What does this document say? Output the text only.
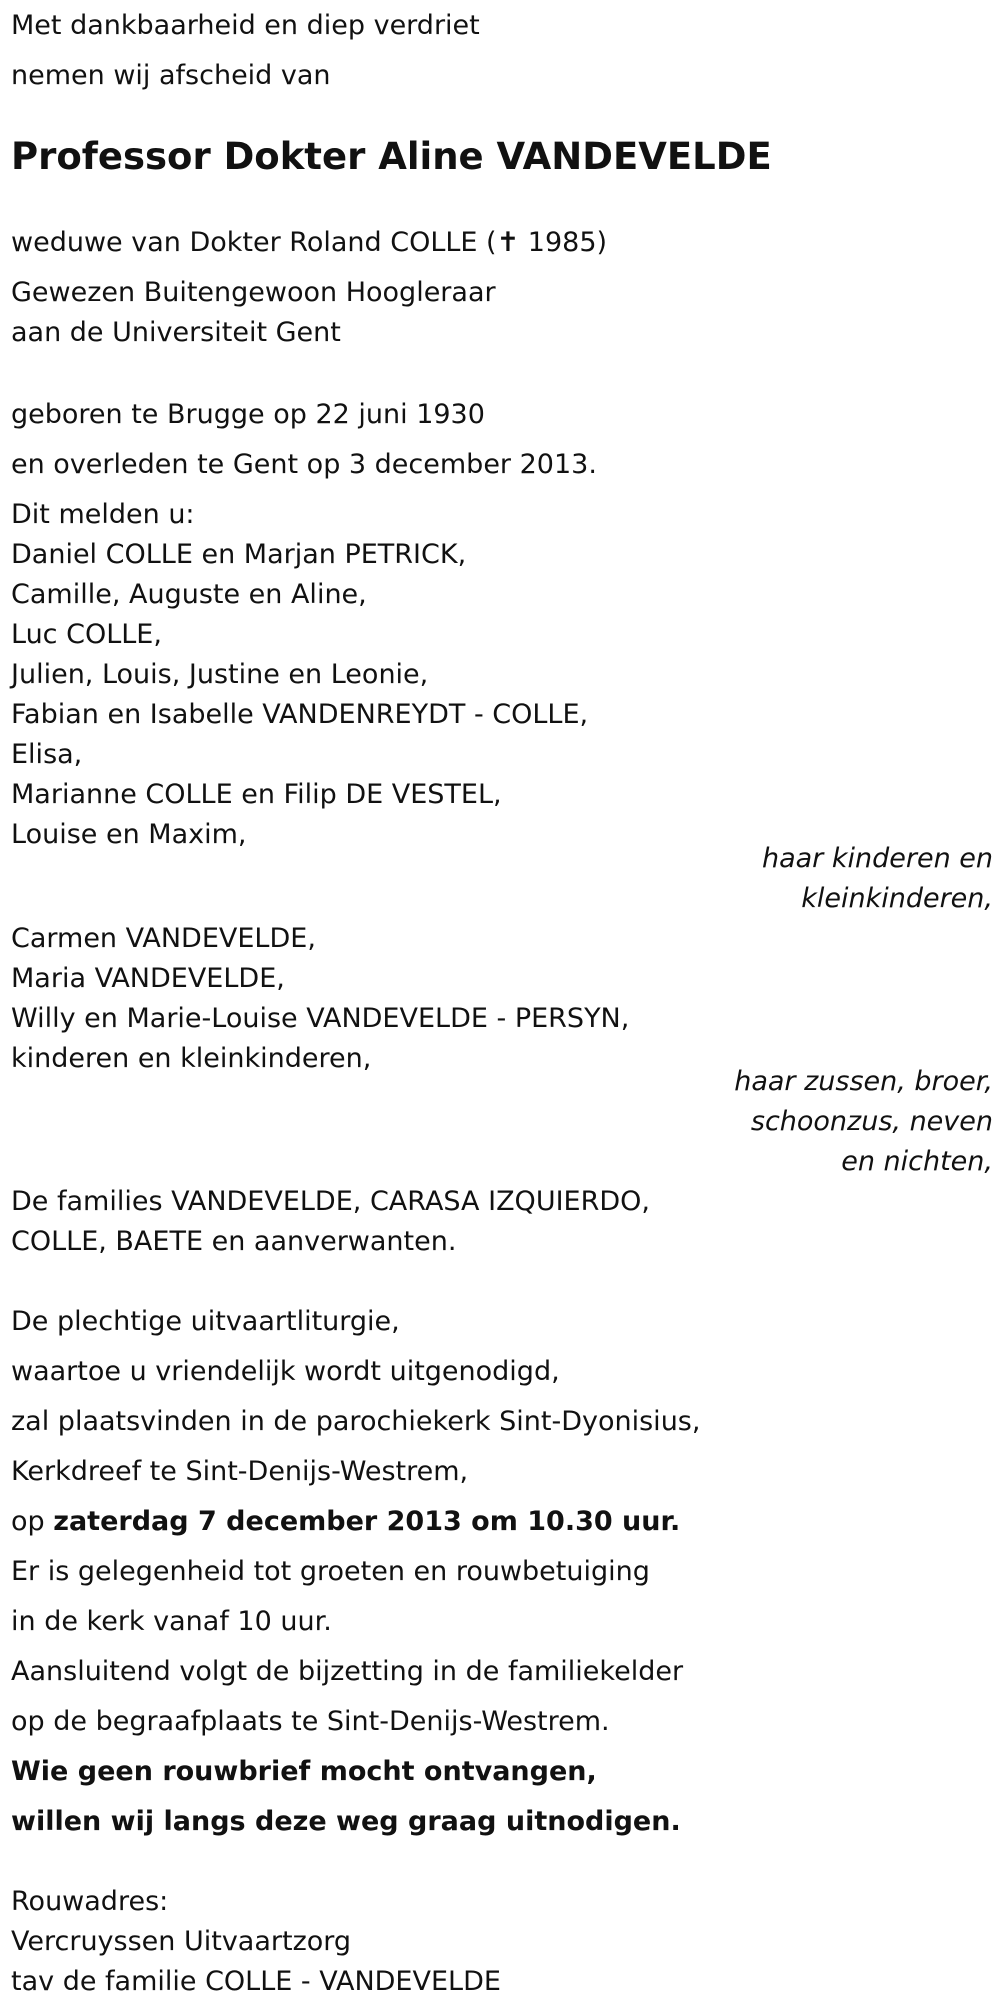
Met dankbaarheid en diep verdriet
nemen wij afscheid van
Professor Dokter Aline VANDEVELDE
weduwe van Dokter Roland COLLE (✝ 1985)
Gewezen Buitengewoon Hoogleraar
aan de Universiteit Gent
geboren te Brugge op 22 juni 1930
en overleden te Gent op 3 december 2013.
Dit melden u:
Daniel COLLE en Marjan PETRICK,
Camille, Auguste en Aline,
Luc COLLE,
Julien, Louis, Justine en Leonie,
Fabian en Isabelle VANDENREYDT - COLLE,
Elisa,
Marianne COLLE en Filip DE VESTEL,
Louise en Maxim,
haar kinderen en
kleinkinderen,
Carmen VANDEVELDE,
Maria VANDEVELDE,
Willy en Marie-Louise VANDEVELDE - PERSYN,
kinderen en kleinkinderen,
haar zussen, broer,
schoonzus, neven
en nichten,
De families VANDEVELDE, CARASA IZQUIERDO,
COLLE, BAETE en aanverwanten.
De plechtige uitvaartliturgie,
waartoe u vriendelijk wordt uitgenodigd,
zal plaatsvinden in de parochiekerk Sint-Dyonisius,
Kerkdreef te Sint-Denijs-Westrem,
op zaterdag 7 december 2013 om 10.30 uur.
Er is gelegenheid tot groeten en rouwbetuiging
in de kerk vanaf 10 uur.
Aansluitend volgt de bijzetting in de familiekelder
op de begraafplaats te Sint-Denijs-Westrem.
Wie geen rouwbrief mocht ontvangen,
willen wij langs deze weg graag uitnodigen.
Rouwadres:
Vercruyssen Uitvaartzorg
tav de familie COLLE - VANDEVELDE
